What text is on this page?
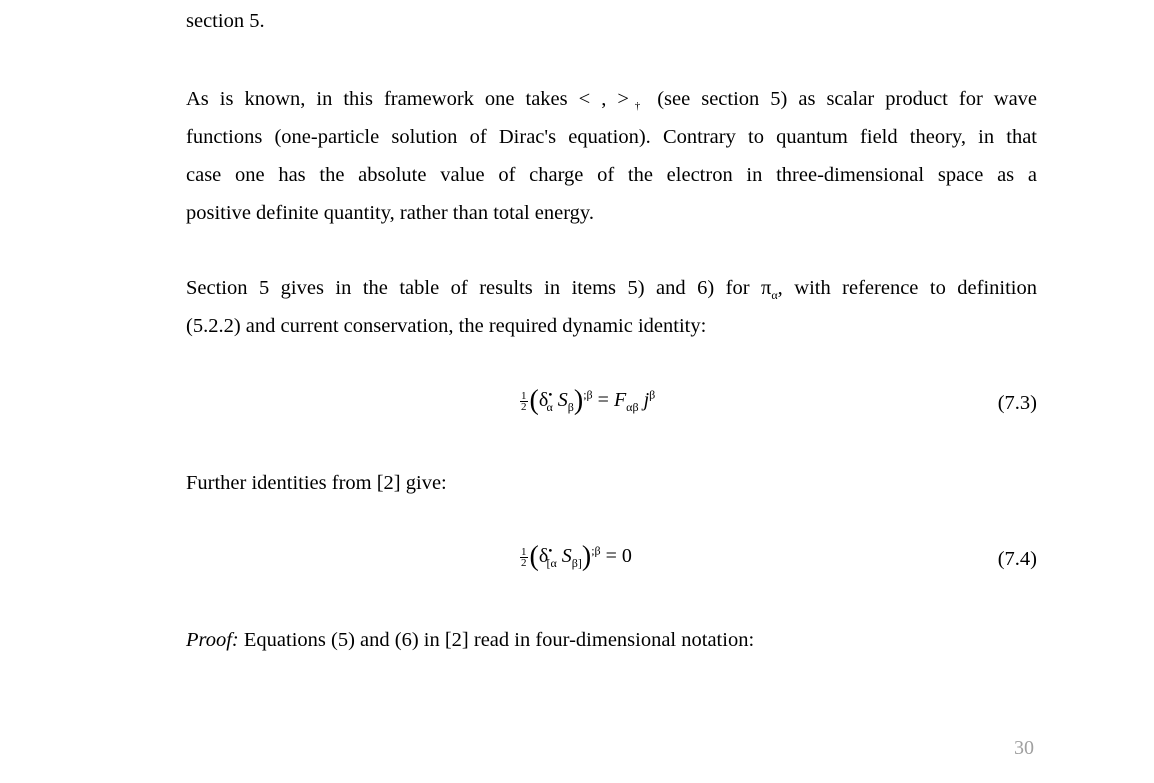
section 5.
As is known, in this framework one takes < , >† (see section 5) as scalar product for wave
functions (one-particle solution of Dirac's equation). Contrary to quantum field theory, in that
case one has the absolute value of charge of the electron in three-dimensional space as a
positive definite quantity, rather than total energy.
Section 5 gives in the table of results in items 5) and 6) for $\pi_\alpha$, with reference to definition
(5.2.2) and current conservation, the required dynamic identity:
$\frac{1}{2} (\delta^•_\alpha$ $S_\beta)^{;\beta} = F_{\alpha\beta}$ $j^\beta$	(7.3)
Further identities from [2] give:
$\frac{1}{2} (\delta^•_{[\alpha}$ $S_{\beta]})^{;\beta} = 0$	(7.4)
Proof: Equations (5) and (6) in [2] read in four-dimensional notation:
30
